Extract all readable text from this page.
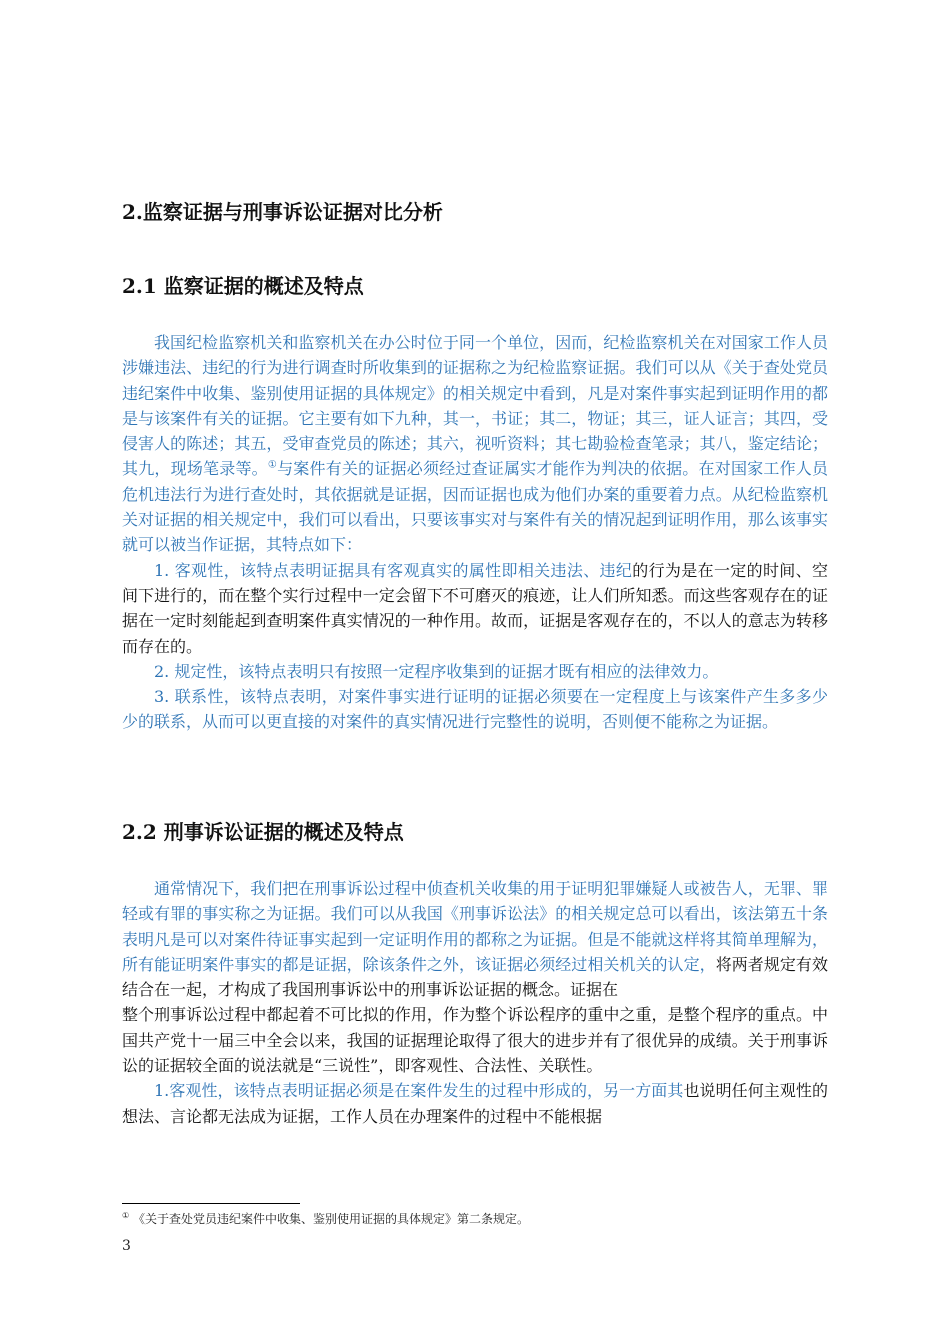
2.监察证据与刑事诉讼证据对比分析
2.1 监察证据的概述及特点

我国纪检监察机关和监察机关在办公时位于同一个单位，因而，纪检监察机关在对国家工作人员涉嫌违法、违纪的行为进行调查时所收集到的证据称之为纪检监察证据。我们可以从《关于查处党员违纪案件中收集、鉴别使用证据的具体规定》的相关规定中看到，凡是对案件事实起到证明作用的都是与该案件有关的证据。它主要有如下九种，其一，书证；其二，物证；其三，证人证言；其四，受侵害人的陈述；其五，受审查党员的陈述；其六，视听资料；其七勘验检查笔录；其八，鉴定结论；其九，现场笔录等。①与案件有关的证据必须经过查证属实才能作为判决的依据。在对国家工作人员危机违法行为进行查处时，其依据就是证据，因而证据也成为他们办案的重要着力点。从纪检监察机关对证据的相关规定中，我们可以看出，只要该事实对与案件有关的情况起到证明作用，那么该事实就可以被当作证据，其特点如下：

1. 客观性，该特点表明证据具有客观真实的属性即相关违法、违纪的行为是在一定的时间、空间下进行的，而在整个实行过程中一定会留下不可磨灭的痕迹，让人们所知悉。而这些客观存在的证据在一定时刻能起到查明案件真实情况的一种作用。故而，证据是客观存在的，不以人的意志为转移而存在的。

2. 规定性，该特点表明只有按照一定程序收集到的证据才既有相应的法律效力。

3. 联系性，该特点表明，对案件事实进行证明的证据必须要在一定程度上与该案件产生多多少少的联系，从而可以更直接的对案件的真实情况进行完整性的说明，否则便不能称之为证据。

2.2 刑事诉讼证据的概述及特点

通常情况下，我们把在刑事诉讼过程中侦查机关收集的用于证明犯罪嫌疑人或被告人，无罪、罪轻或有罪的事实称之为证据。我们可以从我国《刑事诉讼法》的相关规定总可以看出，该法第五十条表明凡是可以对案件待证事实起到一定证明作用的都称之为证据。但是不能就这样将其简单理解为，所有能证明案件事实的都是证据，除该条件之外，该证据必须经过相关机关的认定，将两者规定有效结合在一起，才构成了我国刑事诉讼中的刑事诉讼证据的概念。证据在

整个刑事诉讼过程中都起着不可比拟的作用，作为整个诉讼程序的重中之重，是整个程序的重点。中国共产党十一届三中全会以来，我国的证据理论取得了很大的进步并有了很优异的成绩。关于刑事诉讼的证据较全面的说法就是“三说性”，即客观性、合法性、关联性。

1.客观性，该特点表明证据必须是在案件发生的过程中形成的，另一方面其也说明任何主观性的想法、言论都无法成为证据，工作人员在办理案件的过程中不能根据

① 《关于查处党员违纪案件中收集、鉴别使用证据的具体规定》第二条规定。
3
